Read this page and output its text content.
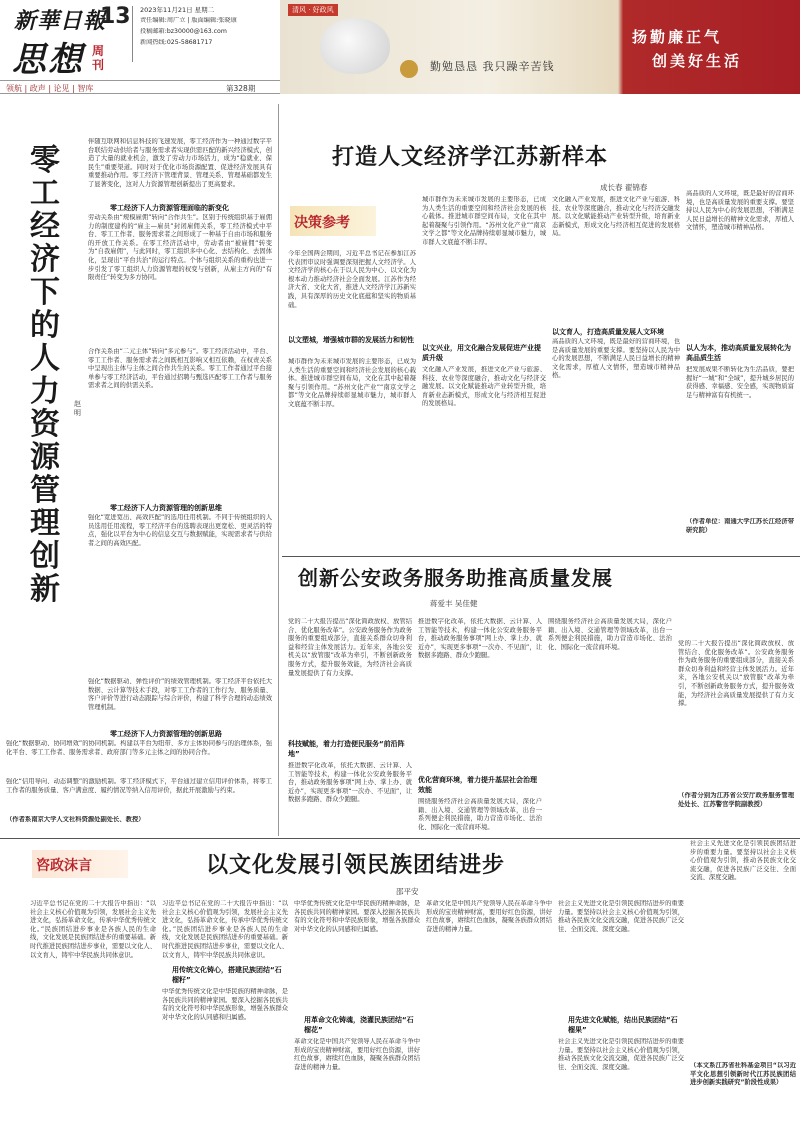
新華日報
13 2023年11月21日 星期二
责任编辑:周广立 | 版面编辑:张晓康
投稿邮箱:bz30000@163.com
新闻热线:025-58681717
思想 周刊
清风 · 好政风
勤勉恳恳 我只躁辛苦钱
扬勤廉正气
创美好生活
领航 | 政声 | 论见 | 智库	第328期
零工经济下的人力资源管理创新
赵 明
伴随互联网和信息科技的飞速发展，零工经济作为一种通过数字平台联结劳动供给者与服务需求者实现供需匹配的新兴经济模式，创造了大量的就业机会，激发了劳动力市场活力，成为“稳就业、保民生”重要渠道。同时对于优化市场资源配置、促进经济发展具有重要推动作用。零工经济下管理背景、管理关系、管理基础都发生了显著变化，这对人力资源管理创新提出了更高要求。
零工经济下人力资源管理面临的新变化
劳动关系由“规模雇佣”转向“合作共生”。区别于传统组织基于雇佣力的制度建构的“雇主—雇员”封闭雇佣关系，零工经济模式中平台、零工工作者、服务需求者之间形成了一种基于自由市场和服务的开放工作关系。在零工经济活动中，劳动者由“被雇佣”转变为“自我雇佣”，与此同时，零工组织多中心化、去结构化、去固体化，呈现出“平台共治”的运行特点。个体与组织关系的重构也进一步引发了零工组织人力资源管理的权变与创新，从雇主方向的“有限责任”转变为多方协同。
合作关系由“二元主体”转向“多元参与”。零工经济活动中，平台、零工工作者、服务需求者之间既相互影响又相互依赖，在权责关系中呈现出主体与主体之间合作共生的关系。零工工作者通过平台接单参与零工经济活动，平台通过招聘与甄选匹配零工工作者与服务需求者之间的供需关系。
零工经济下人力资源管理的创新思维
强化“宽进宽出、高效匹配”的选用任用机制。不同于传统组织的人员选用任用流程，零工经济平台的选聘表现出更宽松、更灵活的特点，强化以平台为中心的信息交互与数据赋能，实现需求者与供给者之间的高效匹配。
强化“数据驱动、弹性评价”的绩效管理机制。零工经济平台依托大数据、云计算等技术手段，对零工工作者的工作行为、服务质量、客户评价等进行动态跟踪与综合评价，构建了科学合理的动态绩效管理机制。
零工经济下人力资源管理的创新思路
强化“数据驱动、协同增效”的协同机制。构建以平台为纽带、多方主体协同参与的治理体系，强化平台、零工工作者、服务需求者、政府部门等多元主体之间的协同合作。
强化“信用导向、动态调整”的激励机制。零工经济模式下，平台通过建立信用评价体系，将零工工作者的服务质量、客户满意度、履约情况等纳入信用评价，据此开展激励与约束。
（作者系南京大学人文社科资源处副处长、教授）
打造人文经济学江苏新样本
成长春 翟锦春
决策参考
今年全国两会期间，习近平总书记在参加江苏代表团审议时强调要深刻把握人文经济学。人文经济学的核心在于以人民为中心、以文化为根本动力推动经济社会全面发展。江苏作为经济大省、文化大省，推进人文经济学江苏新实践，具有深厚的历史文化底蕴和坚实的物质基础。
以文塑城，增强城市群的发展活力和韧性
城市群作为未来城市发展的主要形态，已成为人类生活的重要空间和经济社会发展的核心载体。推进城市群空间布局，文化在其中起着凝聚与引领作用。“苏州文化产业”“南京文学之都”等文化品牌持续彰显城市魅力，城市群人文底蕴不断丰厚。
城市群作为未来城市发展的主要形态，已成为人类生活的重要空间和经济社会发展的核心载体。推进城市群空间布局，文化在其中起着凝聚与引领作用。“苏州文化产业”“南京文学之都”等文化品牌持续彰显城市魅力，城市群人文底蕴不断丰厚。
以文兴业，用文化融合发展促进产业提质升级
文化融入产业发展，推进文化产业与旅游、科技、农业等深度融合，推动文化与经济交融发展。以文化赋能推动产业转型升级，培育新业态新模式，形成文化与经济相互促进的发展格局。
文化融入产业发展，推进文化产业与旅游、科技、农业等深度融合，推动文化与经济交融发展。以文化赋能推动产业转型升级，培育新业态新模式，形成文化与经济相互促进的发展格局。
以文育人，打造高质量发展人文环境
高品质的人文环境，既是最好的营商环境，也是高质量发展的重要支撑。要坚持以人民为中心的发展思想，不断满足人民日益增长的精神文化需求，厚植人文情怀，塑造城市精神品格。
高品质的人文环境，既是最好的营商环境，也是高质量发展的重要支撑。要坚持以人民为中心的发展思想，不断满足人民日益增长的精神文化需求，厚植人文情怀，塑造城市精神品格。
以人为本，推动高质量发展转化为高品质生活
把发展成果不断转化为生活品质，要把握好“一城”和“全域”，提升城乡居民的获得感、幸福感、安全感，实现物质富足与精神富有有机统一。
（作者单位：南通大学江苏长江经济带研究院）
创新公安政务服务助推高质量发展
蒋爱丰 吴佳健
党的二十大报告提出“深化简政放权、放管结合、优化服务改革”。公安政务服务作为政务服务的重要组成部分，直接关系群众切身利益和经营主体发展活力。近年来，各地公安机关以“放管服”改革为牵引，不断创新政务服务方式，提升服务效能，为经济社会高质量发展提供了有力支撑。
科技赋能，着力打造便民服务“前沿阵地”
推进数字化改革，依托大数据、云计算、人工智能等技术，构建一体化公安政务服务平台，推动政务服务事项“网上办、掌上办、就近办”，实现更多事项“一次办、不见面”，让数据多跑路、群众少跑腿。
推进数字化改革，依托大数据、云计算、人工智能等技术，构建一体化公安政务服务平台，推动政务服务事项“网上办、掌上办、就近办”，实现更多事项“一次办、不见面”，让数据多跑路、群众少跑腿。
优化营商环境，着力提升基层社会治理效能
围绕服务经济社会高质量发展大局，深化户籍、出入境、交通管理等领域改革，出台一系列便企利民措施，助力营造市场化、法治化、国际化一流营商环境。
围绕服务经济社会高质量发展大局，深化户籍、出入境、交通管理等领域改革，出台一系列便企利民措施，助力营造市场化、法治化、国际化一流营商环境。
党的二十大报告提出“深化简政放权、放管结合、优化服务改革”。公安政务服务作为政务服务的重要组成部分，直接关系群众切身利益和经营主体发展活力。近年来，各地公安机关以“放管服”改革为牵引，不断创新政务服务方式，提升服务效能，为经济社会高质量发展提供了有力支撑。
（作者分别为江苏省公安厅政务服务管理处处长、江苏警官学院副教授）
咨政沫言	以文化发展引领民族团结进步
邵平安
习近平总书记在党的二十大报告中指出：“以社会主义核心价值观为引领，发展社会主义先进文化，弘扬革命文化，传承中华优秀传统文化。”民族团结进步事业是各族人民的生命线，文化发展是民族团结进步的重要基础。新时代推进民族团结进步事业，需要以文化人、以文育人，铸牢中华民族共同体意识。
习近平总书记在党的二十大报告中指出：“以社会主义核心价值观为引领，发展社会主义先进文化，弘扬革命文化，传承中华优秀传统文化。”民族团结进步事业是各族人民的生命线，文化发展是民族团结进步的重要基础。新时代推进民族团结进步事业，需要以文化人、以文育人，铸牢中华民族共同体意识。
用传统文化铸心，搭建民族团结“石榴籽”
中华优秀传统文化是中华民族的精神命脉，是各民族共同的精神家园。要深入挖掘各民族共有的文化符号和中华民族形象，增强各族群众对中华文化的认同感和归属感。
中华优秀传统文化是中华民族的精神命脉，是各民族共同的精神家园。要深入挖掘各民族共有的文化符号和中华民族形象，增强各族群众对中华文化的认同感和归属感。
用革命文化铸魂，浇灌民族团结“石榴花”
革命文化是中国共产党领导人民在革命斗争中形成的宝贵精神财富，要用好红色资源，讲好红色故事，赓续红色血脉，凝聚各族群众团结奋进的精神力量。
革命文化是中国共产党领导人民在革命斗争中形成的宝贵精神财富，要用好红色资源，讲好红色故事，赓续红色血脉，凝聚各族群众团结奋进的精神力量。
社会主义先进文化是引领民族团结进步的重要力量。要坚持以社会主义核心价值观为引领，推动各民族文化交流交融，促进各民族广泛交往、全面交流、深度交融。
用先进文化赋能，结出民族团结“石榴果”
社会主义先进文化是引领民族团结进步的重要力量。要坚持以社会主义核心价值观为引领，推动各民族文化交流交融，促进各民族广泛交往、全面交流、深度交融。
社会主义先进文化是引领民族团结进步的重要力量。要坚持以社会主义核心价值观为引领，推动各民族文化交流交融，促进各民族广泛交往、全面交流、深度交融。
（本文系江苏省社科基金项目“以习近平文化思想引领新时代江苏民族团结进步创新实践研究”阶段性成果）
